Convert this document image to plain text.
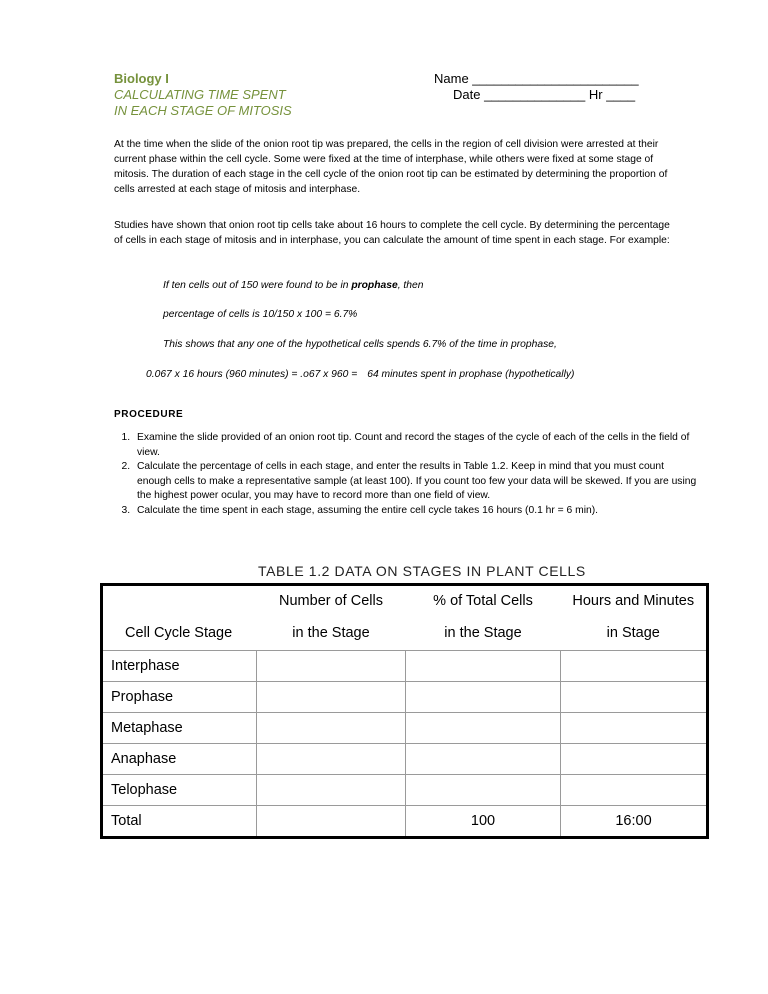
Biology I
CALCULATING TIME SPENT
IN EACH STAGE OF MITOSIS
Name _______________________
Date ______________ Hr ____

At the time when the slide of the onion root tip was prepared, the cells in the region of cell division were arrested at their current phase within the cell cycle. Some were fixed at the time of interphase, while others were fixed at some stage of mitosis. The duration of each stage in the cell cycle of the onion root tip can be estimated by determining the proportion of cells arrested at each stage of mitosis and interphase.

Studies have shown that onion root tip cells take about 16 hours to complete the cell cycle. By determining the percentage of cells in each stage of mitosis and in interphase, you can calculate the amount of time spent in each stage. For example:

If ten cells out of 150 were found to be in prophase, then
percentage of cells is 10/150 x 100 = 6.7%
This shows that any one of the hypothetical cells spends 6.7% of the time in prophase,
0.067 x 16 hours (960 minutes) = .o67 x 960 = 64 minutes spent in prophase (hypothetically)
PROCEDURE
1. Examine the slide provided of an onion root tip. Count and record the stages of the cycle of each of the cells in the field of view.
2. Calculate the percentage of cells in each stage, and enter the results in Table 1.2. Keep in mind that you must count enough cells to make a representative sample (at least 100). If you count too few your data will be skewed. If you are using the highest power ocular, you may have to record more than one field of view.
3. Calculate the time spent in each stage, assuming the entire cell cycle takes 16 hours (0.1 hr = 6 min).
TABLE 1.2 DATA ON STAGES IN PLANT CELLS
	Number of Cells	% of Total Cells	Hours and Minutes
Cell Cycle Stage	in the Stage	in the Stage	in Stage
Interphase			
Prophase			
Metaphase			
Anaphase			
Telophase			
Total		100	16:00
